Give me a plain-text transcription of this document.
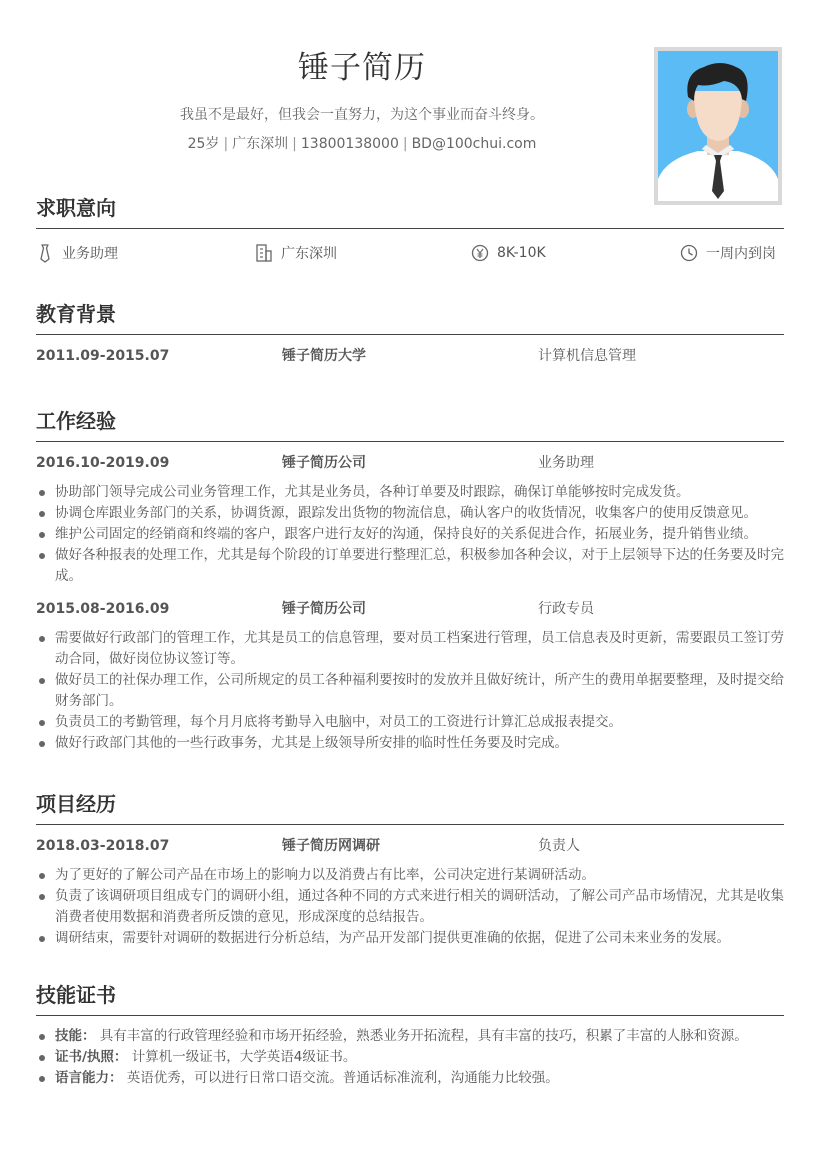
锤子简历
我虽不是最好，但我会一直努力，为这个事业而奋斗终身。
25岁 | 广东深圳 | 13800138000 | BD@100chui.com
求职意向
业务助理	广东深圳	8K-10K	一周内到岗
教育背景
2011.09-2015.07	锤子简历大学	计算机信息管理
工作经验
2016.10-2019.09	锤子简历公司	业务助理
协助部门领导完成公司业务管理工作，尤其是业务员，各种订单要及时跟踪，确保订单能够按时完成发货。
协调仓库跟业务部门的关系，协调货源，跟踪发出货物的物流信息，确认客户的收货情况，收集客户的使用反馈意见。
维护公司固定的经销商和终端的客户，跟客户进行友好的沟通，保持良好的关系促进合作，拓展业务，提升销售业绩。
做好各种报表的处理工作，尤其是每个阶段的订单要进行整理汇总，积极参加各种会议，对于上层领导下达的任务要及时完成。
2015.08-2016.09	锤子简历公司	行政专员
需要做好行政部门的管理工作，尤其是员工的信息管理，要对员工档案进行管理，员工信息表及时更新，需要跟员工签订劳动合同，做好岗位协议签订等。
做好员工的社保办理工作，公司所规定的员工各种福利要按时的发放并且做好统计，所产生的费用单据要整理，及时提交给财务部门。
负责员工的考勤管理，每个月月底将考勤导入电脑中，对员工的工资进行计算汇总成报表提交。
做好行政部门其他的一些行政事务，尤其是上级领导所安排的临时性任务要及时完成。
项目经历
2018.03-2018.07	锤子简历网调研	负责人
为了更好的了解公司产品在市场上的影响力以及消费占有比率，公司决定进行某调研活动。
负责了该调研项目组成专门的调研小组，通过各种不同的方式来进行相关的调研活动，了解公司产品市场情况，尤其是收集消费者使用数据和消费者所反馈的意见，形成深度的总结报告。
调研结束，需要针对调研的数据进行分析总结，为产品开发部门提供更准确的依据，促进了公司未来业务的发展。
技能证书
技能： 具有丰富的行政管理经验和市场开拓经验，熟悉业务开拓流程，具有丰富的技巧，积累了丰富的人脉和资源。
证书/执照： 计算机一级证书，大学英语4级证书。
语言能力： 英语优秀，可以进行日常口语交流。普通话标准流利，沟通能力比较强。
